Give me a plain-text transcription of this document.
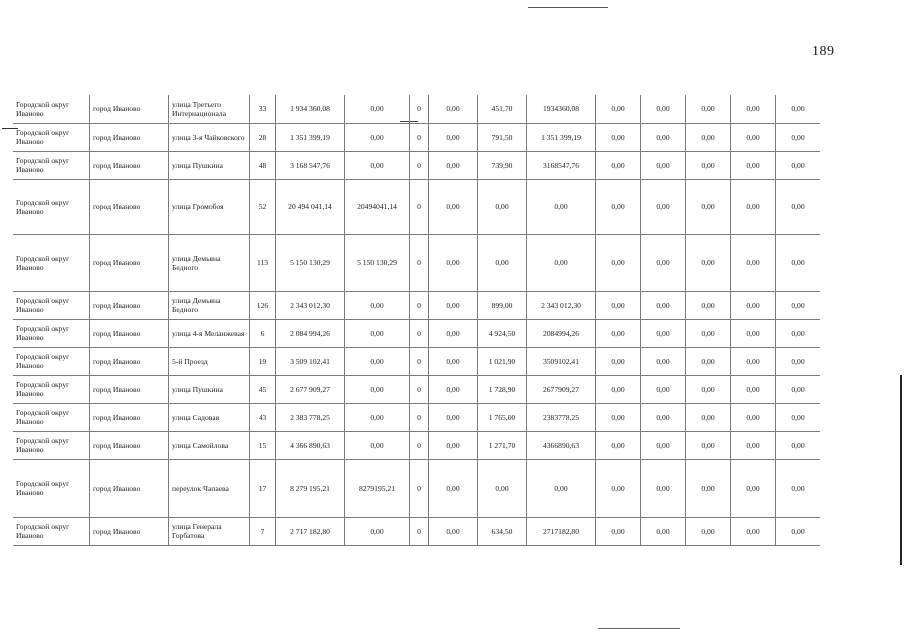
189
Городской округ Иваново	город Иваново	улица Третьего Интернационала	33	1 934 360,08	0,00	0	0,00	451,70	1934360,08	0,00	0,00	0,00	0,00	0,00
Городской округ Иваново	город Иваново	улица 3-я Чайковского	28	1 351 399,19	0,00	0	0,00	791,50	1 351 399,19	0,00	0,00	0,00	0,00	0,00
Городской округ Иваново	город Иваново	улица Пушкина	48	3 168 547,76	0,00	0	0,00	739,90	3168547,76	0,00	0,00	0,00	0,00	0,00
Городской округ Иваново	город Иваново	улица Громобоя	52	20 494 041,14	20494041,14	0	0,00	0,00	0,00	0,00	0,00	0,00	0,00	0,00
Городской округ Иваново	город Иваново	улица Демьяна Бедного	113	5 150 130,29	5 150 130,29	0	0,00	0,00	0,00	0,00	0,00	0,00	0,00	0,00
Городской округ Иваново	город Иваново	улица Демьяна Бедного	126	2 343 012,30	0,00	0	0,00	899,00	2 343 012,30	0,00	0,00	0,00	0,00	0,00
Городской округ Иваново	город Иваново	улица 4-я Меланжевая	6	2 084 994,26	0,00	0	0,00	4 924,50	2084994,26	0,00	0,00	0,00	0,00	0,00
Городской округ Иваново	город Иваново	5-й Проезд	19	3 509 102,41	0,00	0	0,00	1 021,90	3509102,41	0,00	0,00	0,00	0,00	0,00
Городской округ Иваново	город Иваново	улица Пушкина	45	2 677 909,27	0,00	0	0,00	1 728,90	2677909,27	0,00	0,00	0,00	0,00	0,00
Городской округ Иваново	город Иваново	улица Садовая	43	2 383 778,25	0,00	0	0,00	1 765,00	2383778,25	0,00	0,00	0,00	0,00	0,00
Городской округ Иваново	город Иваново	улица Самойлова	15	4 366 890,63	0,00	0	0,00	1 271,70	4366890,63	0,00	0,00	0,00	0,00	0,00
Городской округ Иваново	город Иваново	переулок Чапаева	17	8 279 195,21	8279195,21	0	0,00	0,00	0,00	0,00	0,00	0,00	0,00	0,00
Городской округ Иваново	город Иваново	улица Генерала Горбатова	7	2 717 182,80	0,00	0	0,00	634,50	2717182,80	0,00	0,00	0,00	0,00	0,00
